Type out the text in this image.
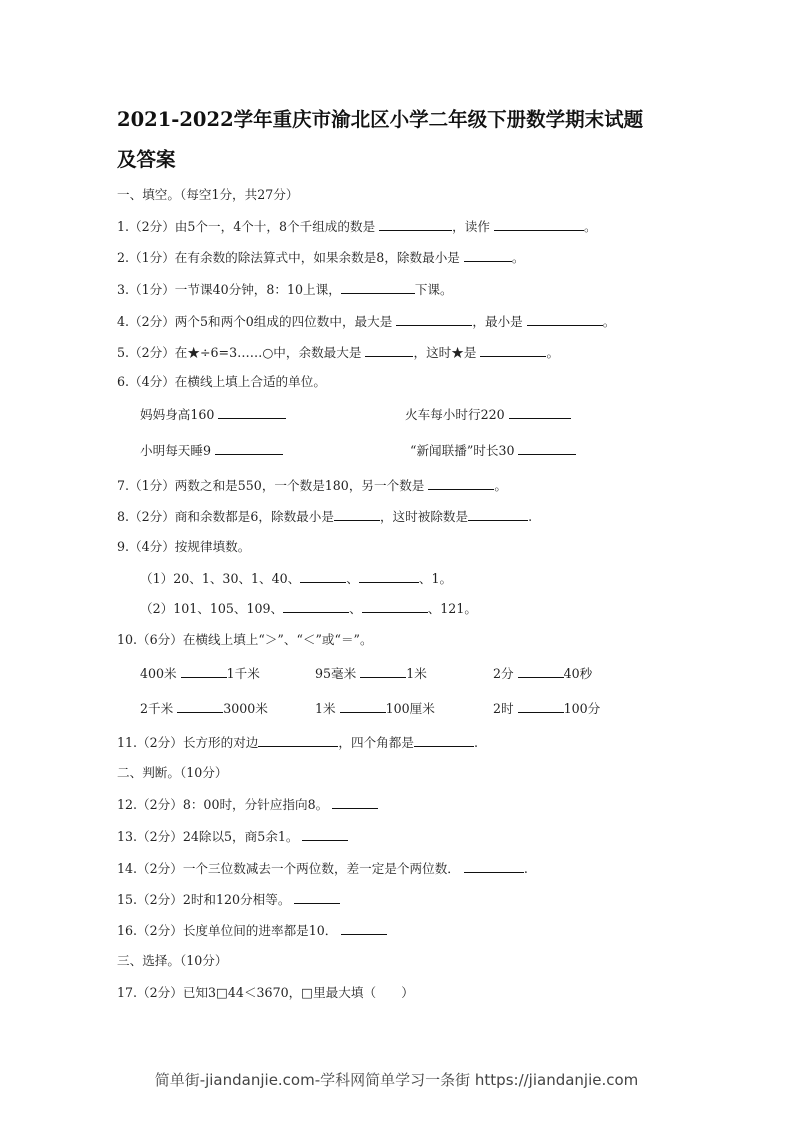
2021-2022学年重庆市渝北区小学二年级下册数学期末试题
及答案
一、填空。（每空1分，共27分）
1.（2分）由5个一，4个十，8个千组成的数是	，读作	。
2.（1分）在有余数的除法算式中，如果余数是8，除数最小是	。
3.（1分）一节课40分钟，8：10上课，	下课。
4.（2分）两个5和两个0组成的四位数中，最大是	，最小是	。
5.（2分）在★÷6=3……○中，余数最大是	，这时★是	。
6.（4分）在横线上填上合适的单位。
妈妈身高160	火车每小时行220
小明每天睡9	“新闻联播”时长30
7.（1分）两数之和是550，一个数是180，另一个数是	。
8.（2分）商和余数都是6，除数最小是	，这时被除数是	.
9.（4分）按规律填数。
（1）20、1、30、1、40、	、	、1。
（2）101、105、109、	、	、121。
10.（6分）在横线上填上“＞”、“＜”或“＝”。
400米	1千米	95毫米	1米	2分	40秒
2千米	3000米	1米	100厘米	2时	100分
11.（2分）长方形的对边	，四个角都是	.
二、判断。（10分）
12.（2分）8：00时，分针应指向8。
13.（2分）24除以5，商5余1。
14.（2分）一个三位数减去一个两位数，差一定是个两位数．	.
15.（2分）2时和120分相等。
16.（2分）长度单位间的进率都是10．
三、选择。（10分）
17.（2分）已知3□44＜3670，□里最大填（　　）
简单街-jiandanjie.com-学科网简单学习一条街 https://jiandanjie.com
